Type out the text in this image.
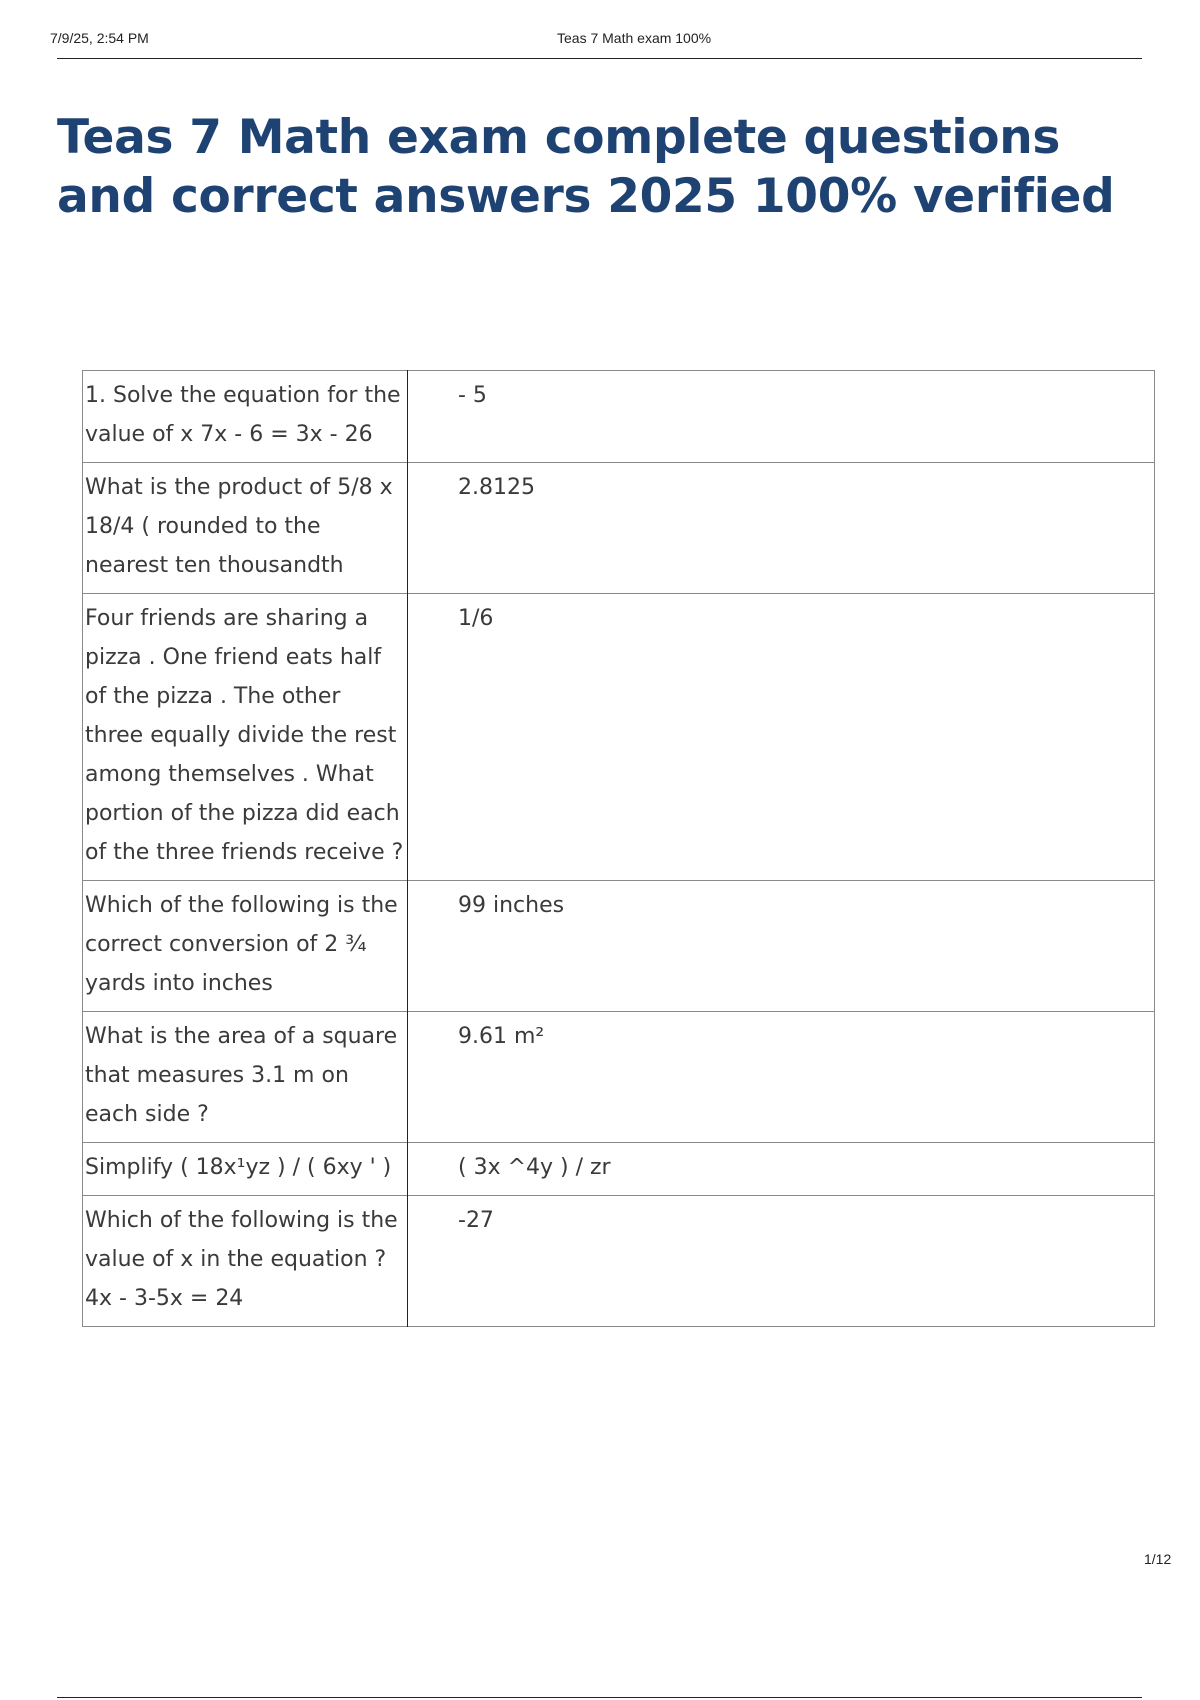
7/9/25, 2:54 PM	Teas 7 Math exam 100%
Teas 7 Math exam complete questions and correct answers 2025 100% verified
1. Solve the equation for the value of x 7x - 6 = 3x - 26	- 5
What is the product of 5/8 x 18/4 ( rounded to the nearest ten thousandth	2.8125
Four friends are sharing a pizza . One friend eats half of the pizza . The other three equally divide the rest among themselves . What portion of the pizza did each of the three friends receive ?	1/6
Which of the following is the correct conversion of 2 ¾ yards into inches	99 inches
What is the area of a square that measures 3.1 m on each side ?	9.61 m²
Simplify ( 18x¹yz ) / ( 6xy ' )	( 3x ^4y ) / zr
Which of the following is the value of x in the equation ? 4x - 3-5x = 24	-27
1/12
